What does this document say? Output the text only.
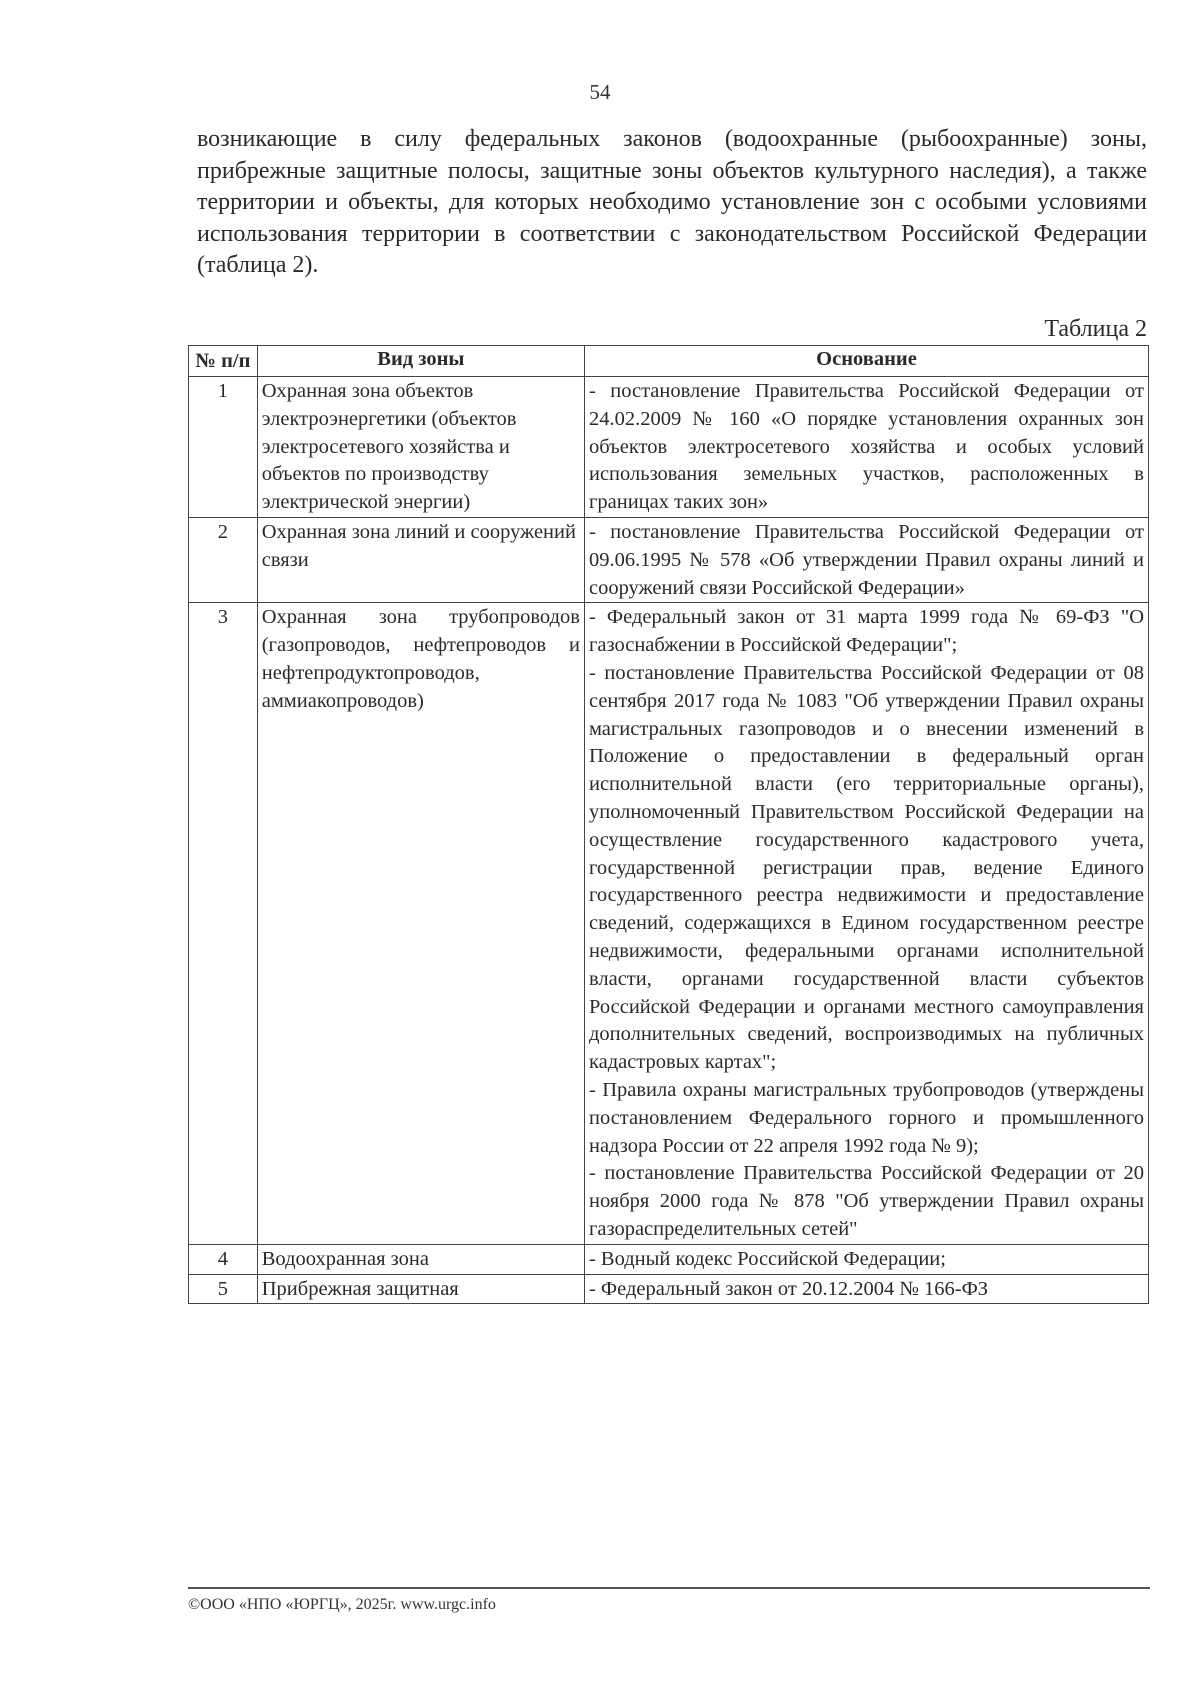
54

возникающие в силу федеральных законов (водоохранные (рыбоохранные) зоны, прибрежные защитные полосы, защитные зоны объектов культурного наследия), а также территории и объекты, для которых необходимо установление зон с особыми условиями использования территории в соответствии с законодательством Российской Федерации (таблица 2).

Таблица 2
№ п/п	Вид зоны	Основание
1	Охранная зона объектов электроэнергетики (объектов электросетевого хозяйства и объектов по производству электрической энергии)	- постановление Правительства Российской Федерации от 24.02.2009 № 160 «О порядке установления охранных зон объектов электросетевого хозяйства и особых условий использования земельных участков, расположенных в границах таких зон»

2	Охранная зона линий и сооружений связи	- постановление Правительства Российской Федерации от 09.06.1995 № 578 «Об утверждении Правил охраны линий и сооружений связи Российской Федерации»

3	Охранная зона трубопроводов (газопроводов, нефтепроводов и нефтепродуктопроводов, аммиакопроводов)	- Федеральный закон от 31 марта 1999 года № 69-ФЗ "О газоснабжении в Российской Федерации";
- постановление Правительства Российской Федерации от 08 сентября 2017 года № 1083 "Об утверждении Правил охраны магистральных газопроводов и о внесении изменений в Положение о предоставлении в федеральный орган исполнительной власти (его территориальные органы), уполномоченный Правительством Российской Федерации на осуществление государственного кадастрового учета, государственной регистрации прав, ведение Единого государственного реестра недвижимости и предоставление сведений, содержащихся в Едином государственном реестре недвижимости, федеральными органами исполнительной власти, органами государственной власти субъектов Российской Федерации и органами местного самоуправления дополнительных сведений, воспроизводимых на публичных кадастровых картах";
- Правила охраны магистральных трубопроводов (утверждены постановлением Федерального горного и промышленного надзора России от 22 апреля 1992 года № 9);
- постановление Правительства Российской Федерации от 20 ноября 2000 года № 878 "Об утверждении Правил охраны газораспределительных сетей"

4	Водоохранная зона	- Водный кодекс Российской Федерации;

5	Прибрежная защитная	- Федеральный закон от 20.12.2004 № 166-ФЗ
©ООО «НПО «ЮРГЦ», 2025г. www.urgc.info
